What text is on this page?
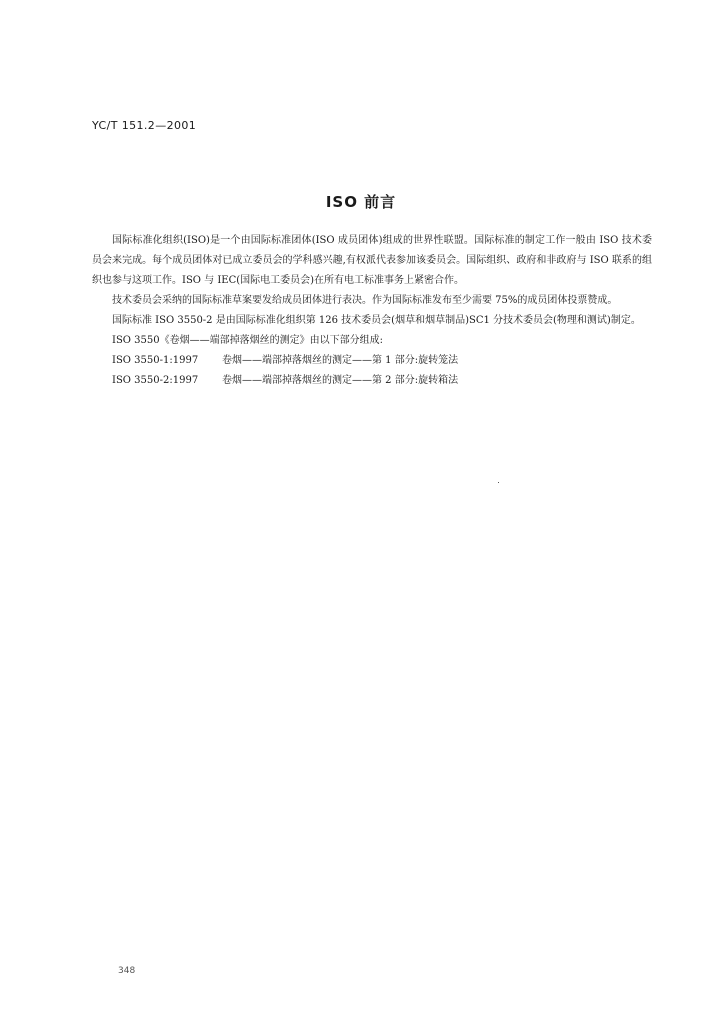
YC/T 151.2—2001
ISO 前言

国际标准化组织(ISO)是一个由国际标准团体(ISO 成员团体)组成的世界性联盟。国际标准的制定工作一般由 ISO 技术委员会来完成。每个成员团体对已成立委员会的学科感兴趣,有权派代表参加该委员会。国际组织、政府和非政府与 ISO 联系的组织也参与这项工作。ISO 与 IEC(国际电工委员会)在所有电工标准事务上紧密合作。

技术委员会采纳的国际标准草案要发给成员团体进行表决。作为国际标准发布至少需要 75%的成员团体投票赞成。

国际标准 ISO 3550-2 是由国际标准化组织第 126 技术委员会(烟草和烟草制品)SC1 分技术委员会(物理和测试)制定。

ISO 3550《卷烟——端部掉落烟丝的测定》由以下部分组成:

ISO 3550-1:1997 卷烟——端部掉落烟丝的测定——第 1 部分:旋转笼法
ISO 3550-2:1997 卷烟——端部掉落烟丝的测定——第 2 部分:旋转箱法
348
